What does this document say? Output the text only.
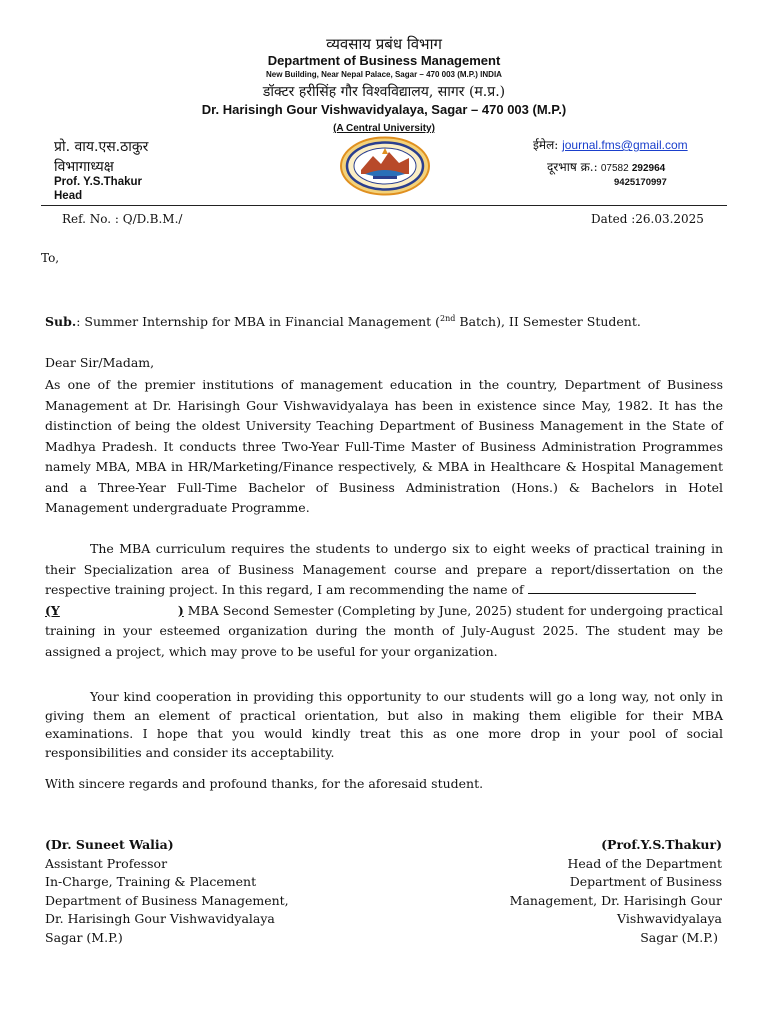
व्यवसाय प्रबंध विभाग
Department of Business Management
New Building, Near Nepal Palace, Sagar – 470 003 (M.P.) INDIA
डॉक्टर हरीसिंह गौर विश्वविद्यालय, सागर (म.प्र.)
Dr. Harisingh Gour Vishwavidyalaya, Sagar – 470 003 (M.P.)
(A Central University)
प्रो. वाय.एस.ठाकुर
विभागाध्यक्ष
Prof. Y.S.Thakur
Head
ईमेल: journal.fms@gmail.com
दूरभाष क्र.: 07582 292964
9425170997
Ref. No. : Q/D.B.M./	Dated :26.03.2025
To,
Sub.: Summer Internship for MBA in Financial Management ($^{2nd}$ Batch), II Semester Student.
Dear Sir/Madam,
As one of the premier institutions of management education in the country, Department of Business Management at Dr. Harisingh Gour Vishwavidyalaya has been in existence since May, 1982. It has the distinction of being the oldest University Teaching Department of Business Management in the State of Madhya Pradesh. It conducts three Two-Year Full-Time Master of Business Administration Programmes namely MBA, MBA in HR/Marketing/Finance respectively, & MBA in Healthcare & Hospital Management and a Three-Year Full-Time Bachelor of Business Administration (Hons.) & Bachelors in Hotel Management undergraduate Programme.
The MBA curriculum requires the students to undergo six to eight weeks of practical training in their Specialization area of Business Management course and prepare a report/dissertation on the respective training project. In this regard, I am recommending the name of
(Y	) MBA Second Semester (Completing by June, 2025) student for undergoing practical training in your esteemed organization during the month of July-August 2025. The student may be assigned a project, which may prove to be useful for your organization.
Your kind cooperation in providing this opportunity to our students will go a long way, not only in giving them an element of practical orientation, but also in making them eligible for their MBA examinations. I hope that you would kindly treat this as one more drop in your pool of social responsibilities and consider its acceptability.
With sincere regards and profound thanks, for the aforesaid student.
(Dr. Suneet Walia)
Assistant Professor
In-Charge, Training & Placement
Department of Business Management,
Dr. Harisingh Gour Vishwavidyalaya
Sagar (M.P.)
(Prof.Y.S.Thakur)
Head of the Department
Department of Business
Management, Dr. Harisingh Gour
Vishwavidyalaya
Sagar (M.P.)
